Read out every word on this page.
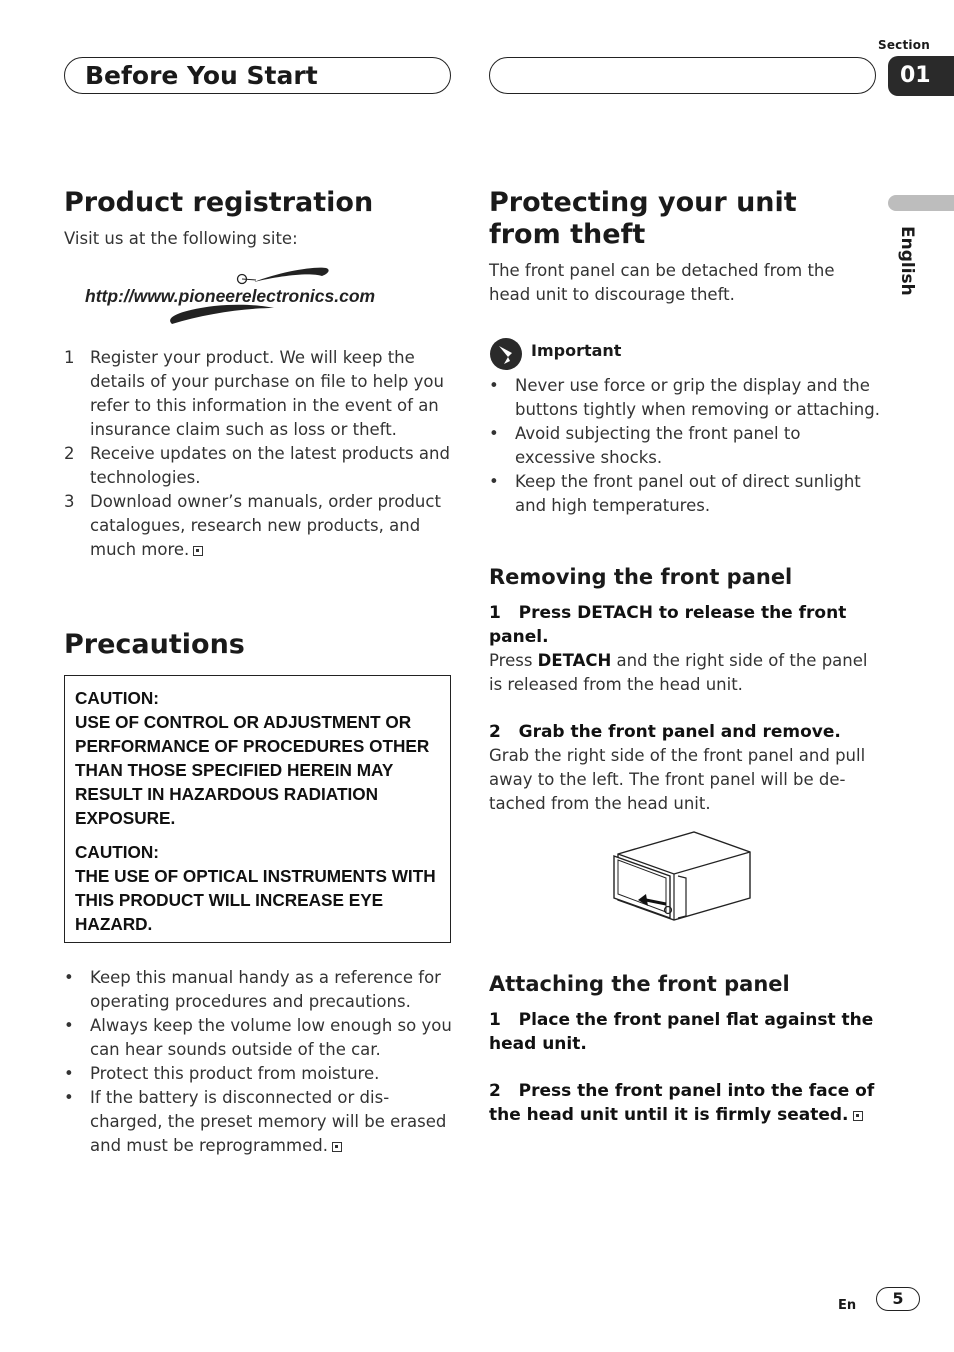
Section
Before You Start	01
English
Product registration
Visit us at the following site:
http://www.pioneerelectronics.com
1 Register your product. We will keep the details of your purchase on file to help you refer to this information in the event of an insurance claim such as loss or theft.
2 Receive updates on the latest products and technologies.
3 Download owner’s manuals, order product catalogues, research new products, and much more.
Precautions

CAUTION:
USE OF CONTROL OR ADJUSTMENT OR PERFORMANCE OF PROCEDURES OTHER THAN THOSE SPECIFIED HEREIN MAY RESULT IN HAZARDOUS RADIATION EXPOSURE.

CAUTION:
THE USE OF OPTICAL INSTRUMENTS WITH THIS PRODUCT WILL INCREASE EYE HAZARD.

• Keep this manual handy as a reference for operating procedures and precautions.
• Always keep the volume low enough so you can hear sounds outside of the car.
• Protect this product from moisture.
• If the battery is disconnected or dis-charged, the preset memory will be erased and must be reprogrammed.
Protecting your unit from theft
The front panel can be detached from the head unit to discourage theft.
Important
• Never use force or grip the display and the buttons tightly when removing or attaching.
• Avoid subjecting the front panel to excessive shocks.
• Keep the front panel out of direct sunlight and high temperatures.
Removing the front panel
1 Press DETACH to release the front panel.
Press DETACH and the right side of the panel is released from the head unit.
2 Grab the front panel and remove.
Grab the right side of the front panel and pull away to the left. The front panel will be de-tached from the head unit.
Attaching the front panel
1 Place the front panel flat against the head unit.
2 Press the front panel into the face of the head unit until it is firmly seated.
En	5
